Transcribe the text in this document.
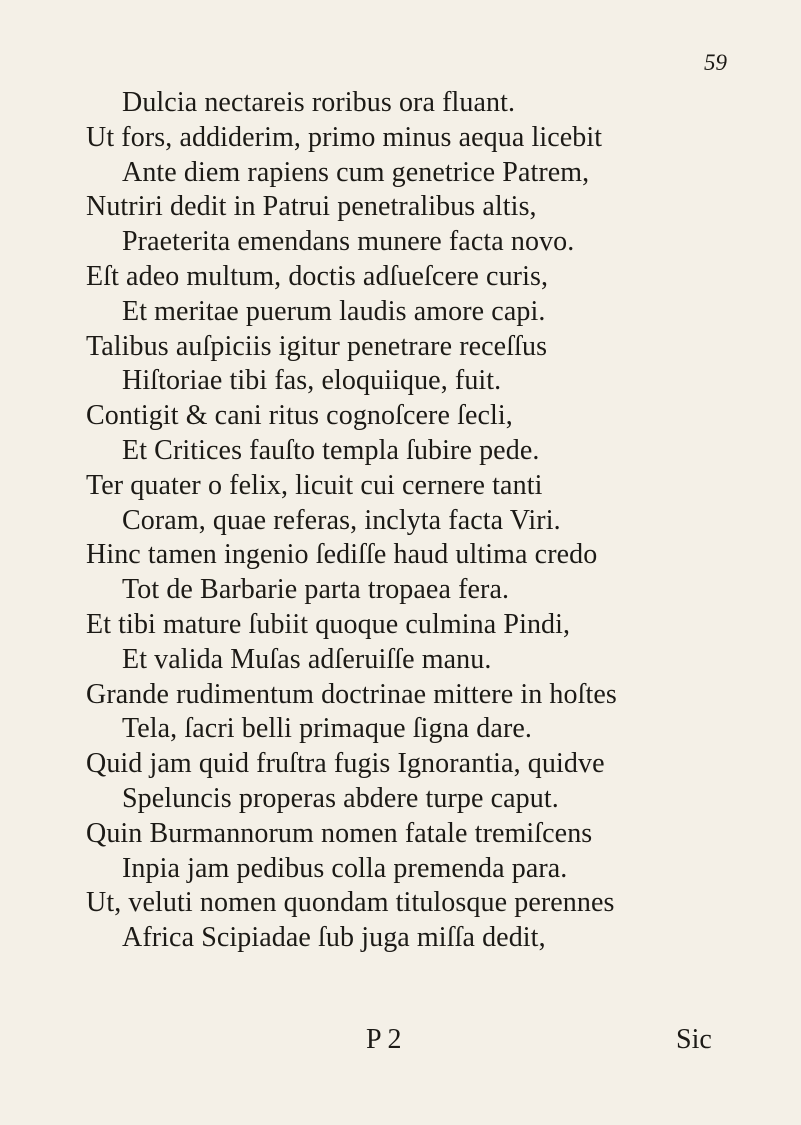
59

Dulcia nectareis roribus ora fluant.
Ut fors, addiderim, primo minus aequa licebit
Ante diem rapiens cum genetrice Patrem,
Nutriri dedit in Patrui penetralibus altis,
Praeterita emendans munere facta novo.
Eſt adeo multum, doctis adſueſcere curis,
Et meritae puerum laudis amore capi.
Talibus auſpiciis igitur penetrare receſſus
Hiſtoriae tibi fas, eloquiique, fuit.
Contigit & cani ritus cognoſcere ſecli,
Et Critices fauſto templa ſubire pede.
Ter quater o felix, licuit cui cernere tanti
Coram, quae referas, inclyta facta Viri.
Hinc tamen ingenio ſediſſe haud ultima credo
Tot de Barbarie parta tropaea fera.
Et tibi mature ſubiit quoque culmina Pindi,
Et valida Muſas adſeruiſſe manu.
Grande rudimentum doctrinae mittere in hoſtes
Tela, ſacri belli primaque ſigna dare.
Quid jam quid fruſtra fugis Ignorantia, quidve
Speluncis properas abdere turpe caput.
Quin Burmannorum nomen fatale tremiſcens
Inpia jam pedibus colla premenda para.
Ut, veluti nomen quondam titulosque perennes
Africa Scipiadae ſub juga miſſa dedit,
P 2	Sic
